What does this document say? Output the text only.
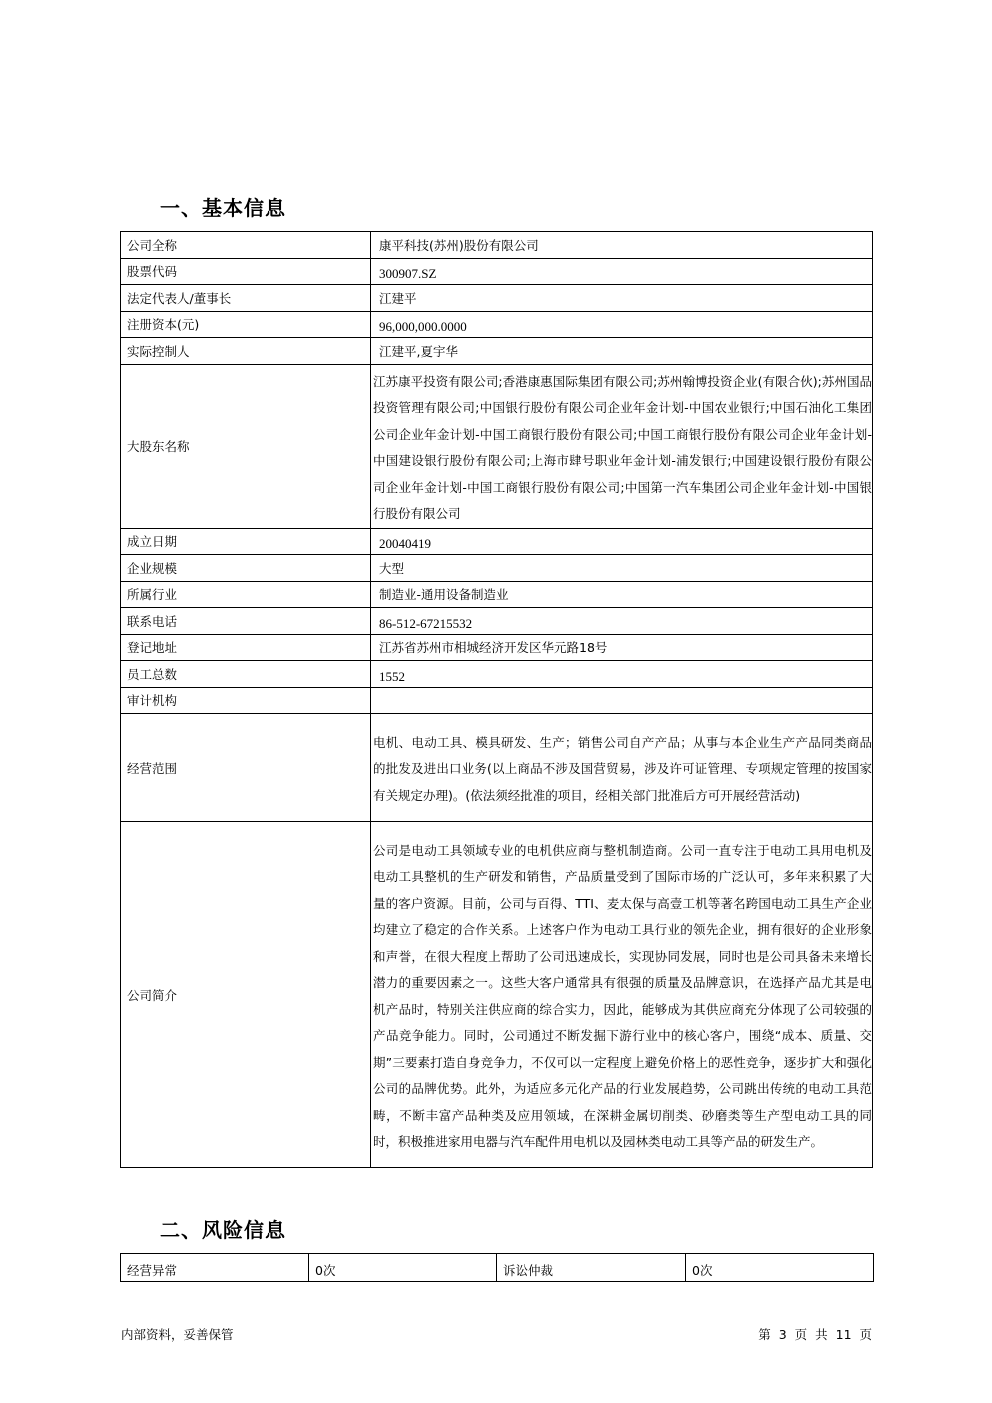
一、基本信息
公司全称	康平科技(苏州)股份有限公司
股票代码	300907.SZ
法定代表人/董事长	江建平
注册资本(元)	96,000,000.0000
实际控制人	江建平,夏宇华
大股东名称	江苏康平投资有限公司;香港康惠国际集团有限公司;苏州翰博投资企业(有限合伙);苏州国品投资管理有限公司;中国银行股份有限公司企业年金计划-中国农业银行;中国石油化工集团公司企业年金计划-中国工商银行股份有限公司;中国工商银行股份有限公司企业年金计划-中国建设银行股份有限公司;上海市肆号职业年金计划-浦发银行;中国建设银行股份有限公司企业年金计划-中国工商银行股份有限公司;中国第一汽车集团公司企业年金计划-中国银行股份有限公司
成立日期	20040419
企业规模	大型
所属行业	制造业-通用设备制造业
联系电话	86-512-67215532
登记地址	江苏省苏州市相城经济开发区华元路18号
员工总数	1552
审计机构	
经营范围	电机、电动工具、模具研发、生产；销售公司自产产品；从事与本企业生产产品同类商品的批发及进出口业务(以上商品不涉及国营贸易，涉及许可证管理、专项规定管理的按国家有关规定办理)。(依法须经批准的项目，经相关部门批准后方可开展经营活动)
公司简介	公司是电动工具领域专业的电机供应商与整机制造商。公司一直专注于电动工具用电机及电动工具整机的生产研发和销售，产品质量受到了国际市场的广泛认可，多年来积累了大量的客户资源。目前，公司与百得、TTI、麦太保与高壹工机等著名跨国电动工具生产企业均建立了稳定的合作关系。上述客户作为电动工具行业的领先企业，拥有很好的企业形象和声誉，在很大程度上帮助了公司迅速成长，实现协同发展，同时也是公司具备未来增长潜力的重要因素之一。这些大客户通常具有很强的质量及品牌意识，在选择产品尤其是电机产品时，特别关注供应商的综合实力，因此，能够成为其供应商充分体现了公司较强的产品竞争能力。同时，公司通过不断发掘下游行业中的核心客户，围绕“成本、质量、交期”三要素打造自身竞争力，不仅可以一定程度上避免价格上的恶性竞争，逐步扩大和强化公司的品牌优势。此外，为适应多元化产品的行业发展趋势，公司跳出传统的电动工具范畴，不断丰富产品种类及应用领域，在深耕金属切削类、砂磨类等生产型电动工具的同时，积极推进家用电器与汽车配件用电机以及园林类电动工具等产品的研发生产。
二、风险信息
经营异常	0次	诉讼仲裁	0次
内部资料，妥善保管	第 3 页 共 11 页
